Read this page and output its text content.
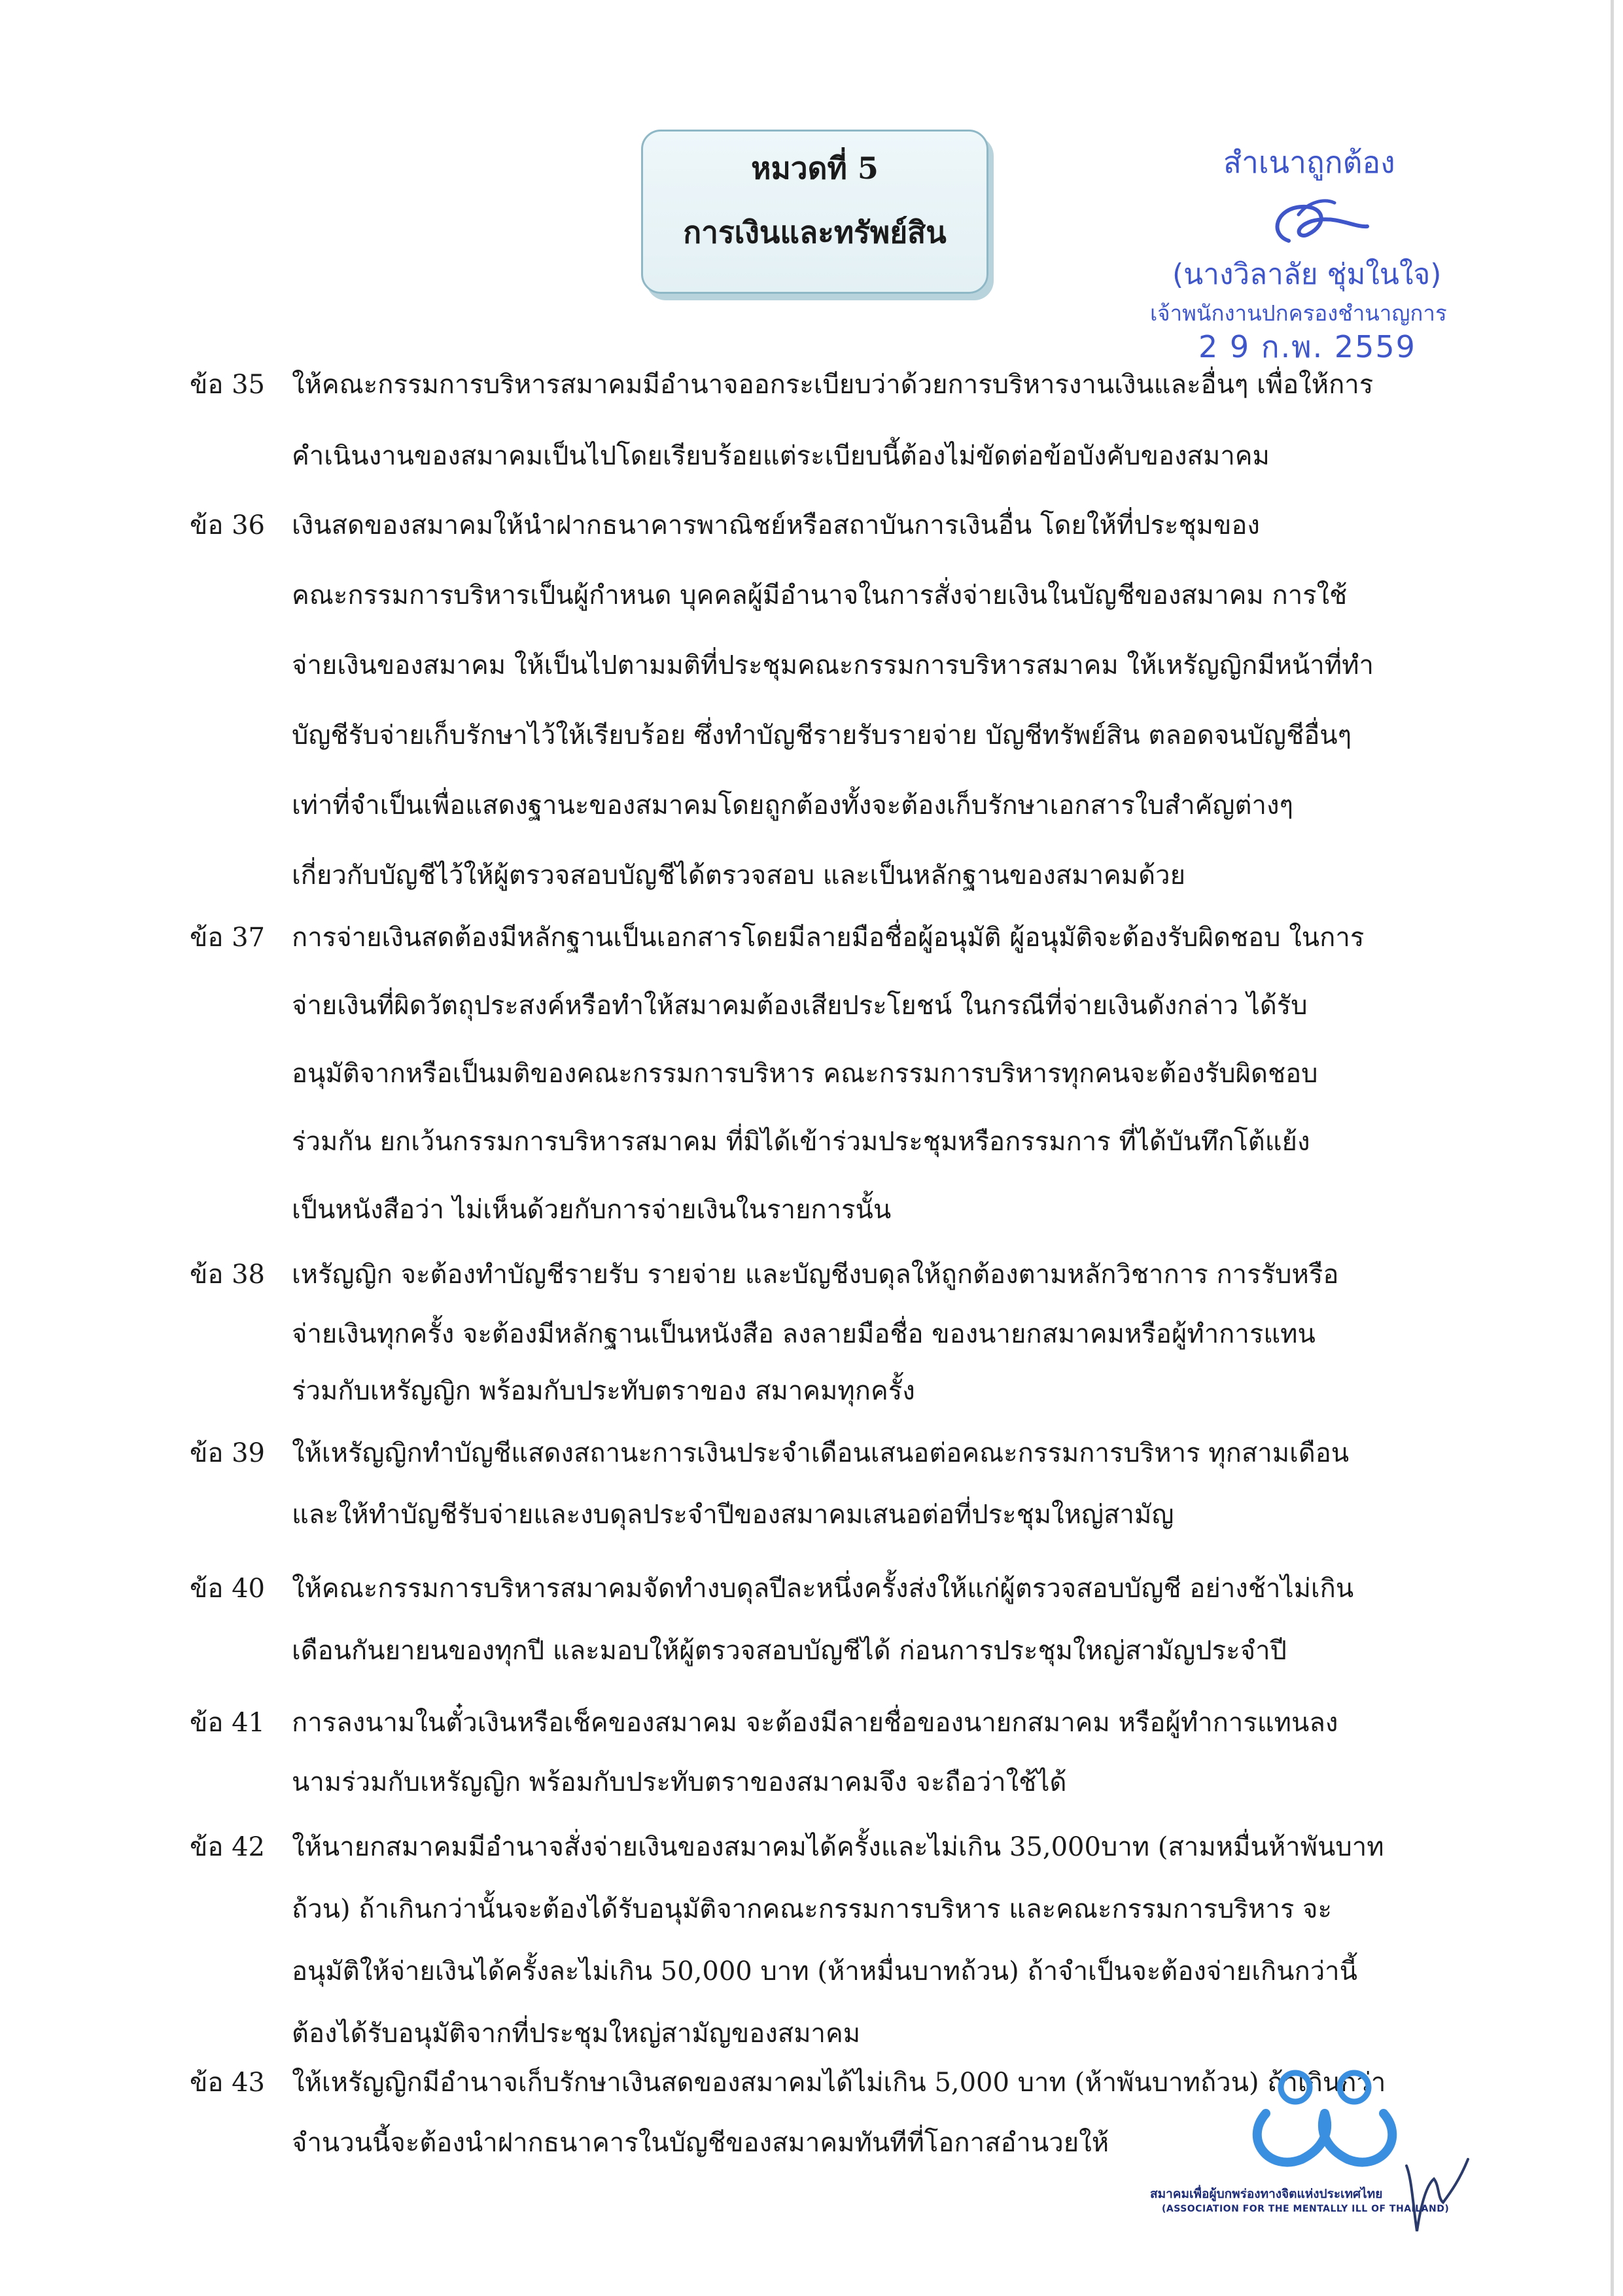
หมวดที่ 5
การเงินและทรัพย์สิน
สำเนาถูกต้อง
(นางวิลาลัย ชุ่มในใจ)
เจ้าพนักงานปกครองชำนาญการ
2 9 ก.พ. 2559
ข้อ 35 ให้คณะกรรมการบริหารสมาคมมีอำนาจออกระเบียบว่าด้วยการบริหารงานเงินและอื่นๆ เพื่อให้การ
คำเนินงานของสมาคมเป็นไปโดยเรียบร้อยแต่ระเบียบนี้ต้องไม่ขัดต่อข้อบังคับของสมาคม
ข้อ 36 เงินสดของสมาคมให้นำฝากธนาคารพาณิชย์หรือสถาบันการเงินอื่น โดยให้ที่ประชุมของ
คณะกรรมการบริหารเป็นผู้กำหนด บุคคลผู้มีอำนาจในการสั่งจ่ายเงินในบัญชีของสมาคม การใช้
จ่ายเงินของสมาคม ให้เป็นไปตามมติที่ประชุมคณะกรรมการบริหารสมาคม ให้เหรัญญิกมีหน้าที่ทำ
บัญชีรับจ่ายเก็บรักษาไว้ให้เรียบร้อย ซึ่งทำบัญชีรายรับรายจ่าย บัญชีทรัพย์สิน ตลอดจนบัญชีอื่นๆ
เท่าที่จำเป็นเพื่อแสดงฐานะของสมาคมโดยถูกต้องทั้งจะต้องเก็บรักษาเอกสารใบสำคัญต่างๆ
เกี่ยวกับบัญชีไว้ให้ผู้ตรวจสอบบัญชีได้ตรวจสอบ และเป็นหลักฐานของสมาคมด้วย
ข้อ 37 การจ่ายเงินสดต้องมีหลักฐานเป็นเอกสารโดยมีลายมือชื่อผู้อนุมัติ ผู้อนุมัติจะต้องรับผิดชอบ ในการ
จ่ายเงินที่ผิดวัตถุประสงค์หรือทำให้สมาคมต้องเสียประโยชน์ ในกรณีที่จ่ายเงินดังกล่าว ได้รับ
อนุมัติจากหรือเป็นมติของคณะกรรมการบริหาร คณะกรรมการบริหารทุกคนจะต้องรับผิดชอบ
ร่วมกัน ยกเว้นกรรมการบริหารสมาคม ที่มิได้เข้าร่วมประชุมหรือกรรมการ ที่ได้บันทึกโต้แย้ง
เป็นหนังสือว่า ไม่เห็นด้วยกับการจ่ายเงินในรายการนั้น
ข้อ 38 เหรัญญิก จะต้องทำบัญชีรายรับ รายจ่าย และบัญชีงบดุลให้ถูกต้องตามหลักวิชาการ การรับหรือ
จ่ายเงินทุกครั้ง จะต้องมีหลักฐานเป็นหนังสือ ลงลายมือชื่อ ของนายกสมาคมหรือผู้ทำการแทน
ร่วมกับเหรัญญิก พร้อมกับประทับตราของ สมาคมทุกครั้ง
ข้อ 39 ให้เหรัญญิกทำบัญชีแสดงสถานะการเงินประจำเดือนเสนอต่อคณะกรรมการบริหาร ทุกสามเดือน
และให้ทำบัญชีรับจ่ายและงบดุลประจำปีของสมาคมเสนอต่อที่ประชุมใหญ่สามัญ
ข้อ 40 ให้คณะกรรมการบริหารสมาคมจัดทำงบดุลปีละหนึ่งครั้งส่งให้แก่ผู้ตรวจสอบบัญชี อย่างช้าไม่เกิน
เดือนกันยายนของทุกปี และมอบให้ผู้ตรวจสอบบัญชีได้ ก่อนการประชุมใหญ่สามัญประจำปี
ข้อ 41 การลงนามในตั๋วเงินหรือเช็คของสมาคม จะต้องมีลายชื่อของนายกสมาคม หรือผู้ทำการแทนลง
นามร่วมกับเหรัญญิก พร้อมกับประทับตราของสมาคมจึง จะถือว่าใช้ได้
ข้อ 42 ให้นายกสมาคมมีอำนาจสั่งจ่ายเงินของสมาคมได้ครั้งและไม่เกิน 35,000บาท (สามหมื่นห้าพันบาท
ถ้วน) ถ้าเกินกว่านั้นจะต้องได้รับอนุมัติจากคณะกรรมการบริหาร และคณะกรรมการบริหาร จะ
อนุมัติให้จ่ายเงินได้ครั้งละไม่เกิน 50,000 บาท (ห้าหมื่นบาทถ้วน) ถ้าจำเป็นจะต้องจ่ายเกินกว่านี้
ต้องได้รับอนุมัติจากที่ประชุมใหญ่สามัญของสมาคม
ข้อ 43 ให้เหรัญญิกมีอำนาจเก็บรักษาเงินสดของสมาคมได้ไม่เกิน 5,000 บาท (ห้าพันบาทถ้วน) ถ้าเกินกว่า
จำนวนนี้จะต้องนำฝากธนาคารในบัญชีของสมาคมทันทีที่โอกาสอำนวยให้
สมาคมเพื่อผู้บกพร่องทางจิตแห่งประเทศไทย
(ASSOCIATION FOR THE MENTALLY ILL OF THAILAND)
